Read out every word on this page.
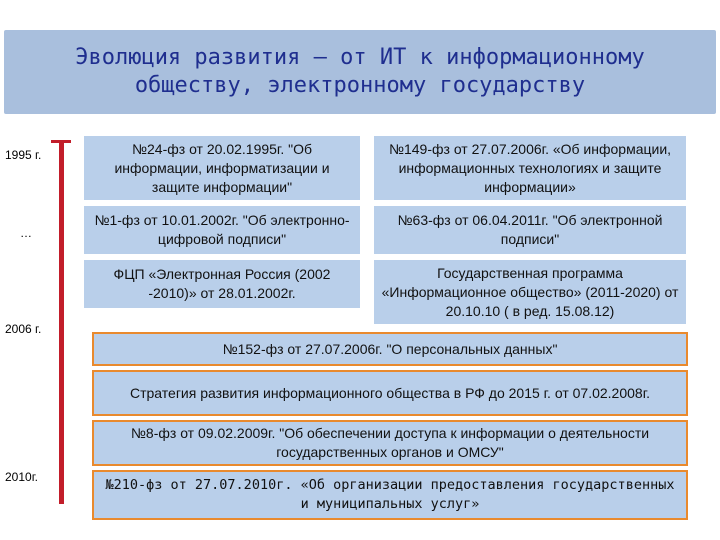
Эволюция развития – от ИТ к информационному
обществу, электронному государству
1995 г.
…
2006 г.
2010г.
№24-фз от 20.02.1995г. "Об информации, информатизации и защите информации"
№1-фз от 10.01.2002г. "Об электронно-цифровой подписи"
ФЦП «Электронная Россия (2002 -2010)» от 28.01.2002г.
№149-фз от 27.07.2006г. «Об информации, информационных технологиях и защите информации»
№63-фз от 06.04.2011г. "Об электронной подписи"
Государственная программа «Информационное общество» (2011-2020) от 20.10.10 ( в ред. 15.08.12)
№152-фз от 27.07.2006г. "О персональных данных"
Стратегия развития информационного общества в РФ до 2015 г. от 07.02.2008г.
№8-фз от 09.02.2009г. "Об обеспечении доступа к информации о деятельности государственных органов и ОМСУ"
№210-фз от 27.07.2010г. «Об организации предоставления государственных и муниципальных услуг»
